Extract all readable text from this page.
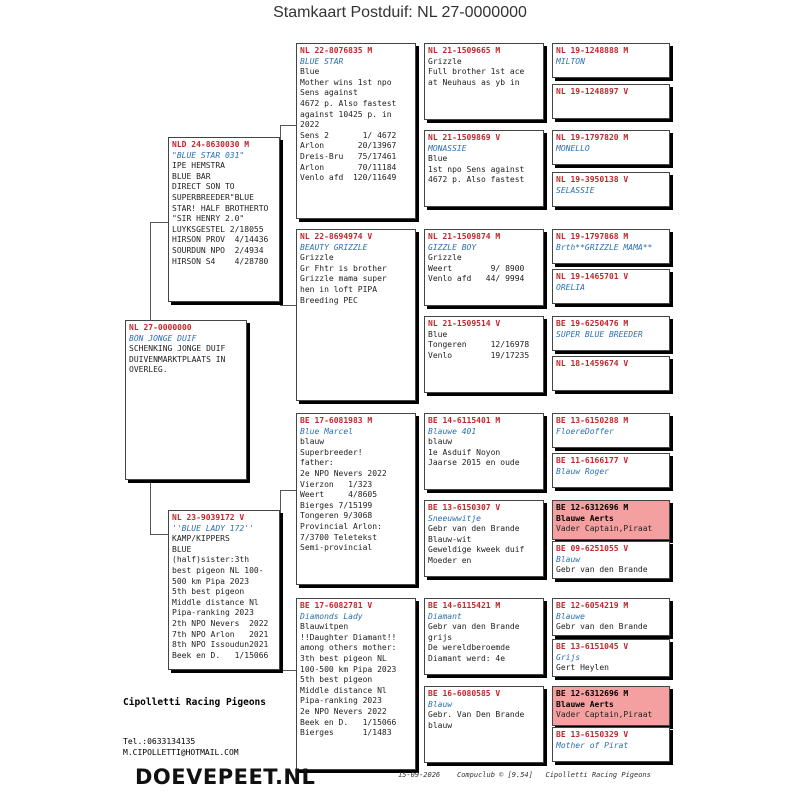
Stamkaart Postduif: NL 27-0000000
NL 27-0000000
BON JONGE DUIF
SCHENKING JONGE DUIF
DUIVENMARKTPLAATS IN
OVERLEG.
NLD 24-8630030 M
"BLUE STAR 031"
IPE HEMSTRA
BLUE BAR
DIRECT SON TO
SUPERBREEDER"BLUE
STAR! HALF BROTHERTO
"SIR HENRY 2.0"
LUYKSGESTEL 2/18055
HIRSON PROV  4/14436
SOURDUN NPO  2/4934
HIRSON S4    4/28780
NL 23-9039172 V
''BLUE LADY 172''
KAMP/KIPPERS
BLUE
(half)sister:3th
best pigeon NL 100-
500 km Pipa 2023
5th best pigeon
Middle distance Nl
Pipa-ranking 2023
2th NPO Nevers  2022
7th NPO Arlon   2021
8th NPO Issoudun2021
Beek en D.   1/15066
NL 22-8076835 M
BLUE STAR
Blue
Mother wins 1st npo
Sens against
4672 p. Also fastest
against 10425 p. in
2022
Sens 2       1/ 4672
Arlon       20/13967
Dreis-Bru   75/17461
Arlon       70/11184
Venlo afd  120/11649
NL 22-8694974 V
BEAUTY GRIZZLE
Grizzle
Gr Fhtr is brother
Grizzle mama super
hen in loft PIPA
Breeding PEC
BE 17-6081983 M
Blue Marcel
blauw
Superbreeder!
father:
2e NPO Nevers 2022
Vierzon   1/323
Weert     4/8605
Bierges 7/15199
Tongeren 9/3068
Provincial Arlon:
7/3700 Teletekst
Semi-provincial
BE 17-6082781 V
Diamonds Lady
Blauwitpen
!!Daughter Diamant!!
among others mother:
3th best pigeon NL
100-500 km Pipa 2023
5th best pigeon
Middle distance Nl
Pipa-ranking 2023
2e NPO Nevers 2022
Beek en D.   1/15066
Bierges      1/1483
NL 21-1509665 M
Grizzle
Full brother 1st ace
at Neuhaus as yb in
NL 21-1509869 V
MONASSIE
Blue
1st npo Sens against
4672 p. Also fastest
NL 21-1509874 M
GIZZLE BOY
Grizzle
Weert        9/ 8900
Venlo afd   44/ 9994
NL 21-1509514 V
Blue
Tongeren     12/16978
Venlo        19/17235
BE 14-6115401 M
Blauwe 401
blauw
1e Asduif Noyon
Jaarse 2015 en oude
BE 13-6150307 V
Sneeuwwitje
Gebr van den Brande
Blauw-wit
Geweldige kweek duif
Moeder en
BE 14-6115421 M
Diamant
Gebr van den Brande
grijs
De wereldberoemde
Diamant werd: 4e
BE 16-6080585 V
Blauw
Gebr. Van Den Brande
blauw
NL 19-1248888 M
MILTON
NL 19-1248897 V
NL 19-1797820 M
MONELLO
NL 19-3950138 V
SELASSIE
NL 19-1797868 M
Brth**GRIZZLE MAMA**
NL 19-1465701 V
ORELIA
BE 19-6250476 M
SUPER BLUE BREEDER
NL 18-1459674 V
BE 13-6150288 M
FloereDoffer
BE 11-6166177 V
Blauw Roger
BE 12-6312696 M
Blauwe Aerts
Vader Captain,Piraat
BE 09-6251055 V
Blauw
Gebr van den Brande
BE 12-6054219 M
Blauwe
Gebr van den Brande
BE 13-6151045 V
Grijs
Gert Heylen
BE 12-6312696 M
Blauwe Aerts
Vader Captain,Piraat
BE 13-6150329 V
Mother of Pirat
Cipolletti Racing Pigeons
Tel.:0633134135
M.CIPOLLETTI@HOTMAIL.COM
DOEVEPEET.NL	15-09-2026    Compuclub © [9.54]   Cipolletti Racing Pigeons
